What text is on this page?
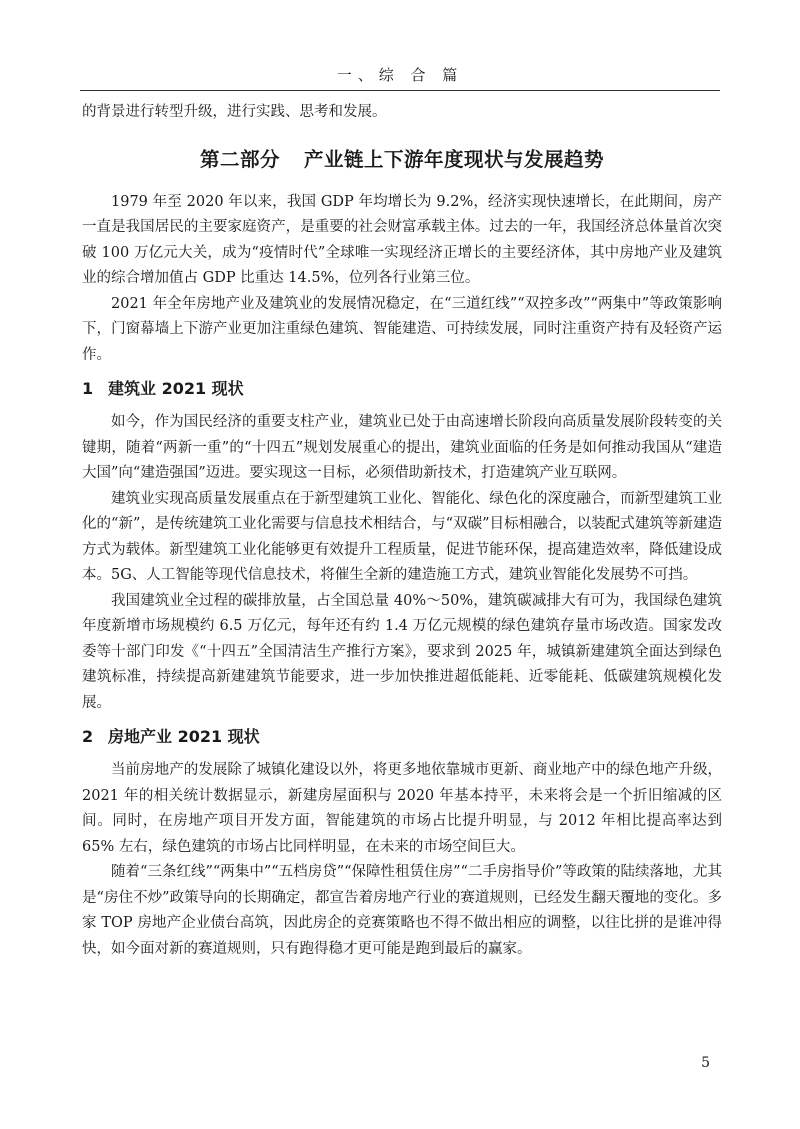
一、综 合 篇

的背景进行转型升级，进行实践、思考和发展。

第二部分 产业链上下游年度现状与发展趋势

1979 年至 2020 年以来，我国 GDP 年均增长为 9.2%，经济实现快速增长，在此期间，房产一直是我国居民的主要家庭资产，是重要的社会财富承载主体。过去的一年，我国经济总体量首次突破 100 万亿元大关，成为“疫情时代”全球唯一实现经济正增长的主要经济体，其中房地产业及建筑业的综合增加值占 GDP 比重达 14.5%，位列各行业第三位。

2021 年全年房地产业及建筑业的发展情况稳定，在“三道红线”“双控多改”“两集中”等政策影响下，门窗幕墙上下游产业更加注重绿色建筑、智能建造、可持续发展，同时注重资产持有及轻资产运作。

1 建筑业 2021 现状

如今，作为国民经济的重要支柱产业，建筑业已处于由高速增长阶段向高质量发展阶段转变的关键期，随着“两新一重”的“十四五”规划发展重心的提出，建筑业面临的任务是如何推动我国从“建造大国”向“建造强国”迈进。要实现这一目标，必须借助新技术，打造建筑产业互联网。

建筑业实现高质量发展重点在于新型建筑工业化、智能化、绿色化的深度融合，而新型建筑工业化的“新”，是传统建筑工业化需要与信息技术相结合，与“双碳”目标相融合，以装配式建筑等新建造方式为载体。新型建筑工业化能够更有效提升工程质量，促进节能环保，提高建造效率，降低建设成本。5G、人工智能等现代信息技术，将催生全新的建造施工方式，建筑业智能化发展势不可挡。

我国建筑业全过程的碳排放量，占全国总量 40%～50%，建筑碳减排大有可为，我国绿色建筑年度新增市场规模约 6.5 万亿元，每年还有约 1.4 万亿元规模的绿色建筑存量市场改造。国家发改委等十部门印发《“十四五”全国清洁生产推行方案》，要求到 2025 年，城镇新建建筑全面达到绿色建筑标准，持续提高新建建筑节能要求，进一步加快推进超低能耗、近零能耗、低碳建筑规模化发展。

2 房地产业 2021 现状

当前房地产的发展除了城镇化建设以外，将更多地依靠城市更新、商业地产中的绿色地产升级，2021 年的相关统计数据显示，新建房屋面积与 2020 年基本持平，未来将会是一个折旧缩减的区间。同时，在房地产项目开发方面，智能建筑的市场占比提升明显，与 2012 年相比提高率达到 65% 左右，绿色建筑的市场占比同样明显，在未来的市场空间巨大。

随着“三条红线”“两集中”“五档房贷”“保障性租赁住房”“二手房指导价”等政策的陆续落地，尤其是“房住不炒”政策导向的长期确定，都宣告着房地产行业的赛道规则，已经发生翻天覆地的变化。多家 TOP 房地产企业债台高筑，因此房企的竞赛策略也不得不做出相应的调整，以往比拼的是谁冲得快，如今面对新的赛道规则，只有跑得稳才更可能是跑到最后的赢家。

5
